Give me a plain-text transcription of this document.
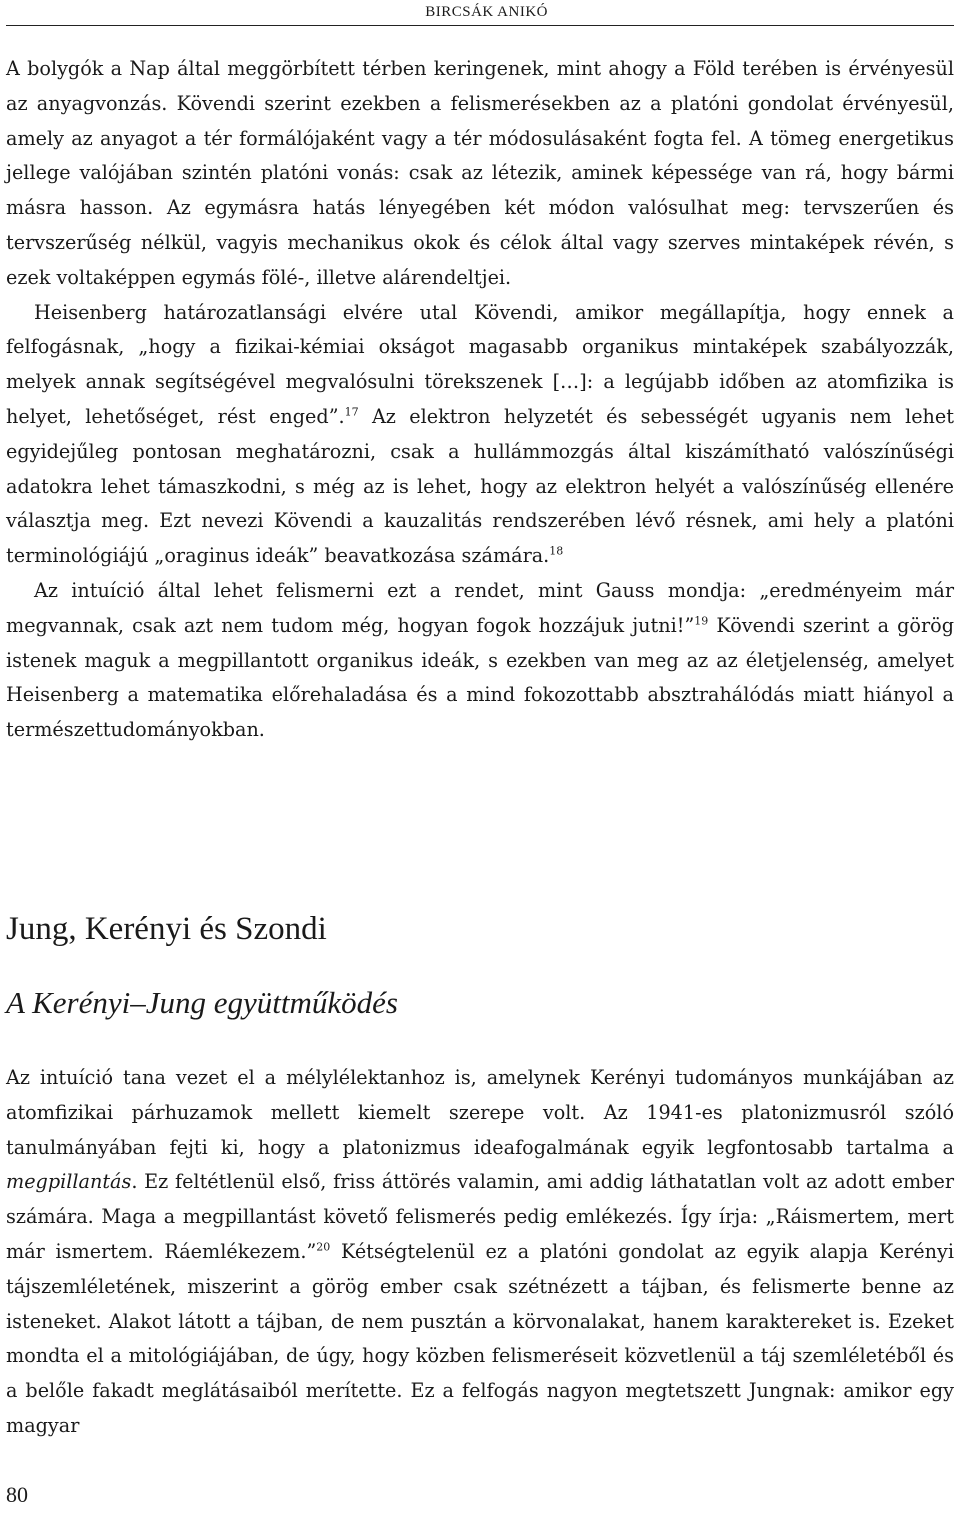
BIRCSÁK ANIKÓ

A bolygók a Nap által meggörbített térben keringenek, mint ahogy a Föld terében is érvényesül az anyagvonzás. Kövendi szerint ezekben a felismerésekben az a platóni gondolat érvényesül, amely az anyagot a tér formálójaként vagy a tér módosulásaként fogta fel. A tömeg energetikus jellege valójában szintén platóni vonás: csak az létezik, aminek képessége van rá, hogy bármi másra hasson. Az egymásra hatás lényegében két módon valósulhat meg: tervszerűen és tervszerűség nélkül, vagyis mechanikus okok és célok által vagy szerves mintaképek révén, s ezek voltaképpen egymás fölé-, illetve alárendeltjei.

Heisenberg határozatlansági elvére utal Kövendi, amikor megállapítja, hogy ennek a felfogásnak, „hogy a fizikai-kémiai okságot magasabb organikus mintaképek szabályozzák, melyek annak segítségével megvalósulni törekszenek […]: a legújabb időben az atomfizika is helyet, lehetőséget, rést enged”.$^{17}$ Az elektron helyzetét és sebességét ugyanis nem lehet egyidejűleg pontosan meghatározni, csak a hullámmozgás által kiszámítható valószínűségi adatokra lehet támaszkodni, s még az is lehet, hogy az elektron helyét a valószínűség ellenére választja meg. Ezt nevezi Kövendi a kauzalitás rendszerében lévő résnek, ami hely a platóni terminológiájú „oraginus ideák” beavatkozása számára.$^{18}$

Az intuíció által lehet felismerni ezt a rendet, mint Gauss mondja: „eredményeim már megvannak, csak azt nem tudom még, hogyan fogok hozzájuk jutni!”$^{19}$ Kövendi szerint a görög istenek maguk a megpillantott organikus ideák, s ezekben van meg az az életjelenség, amelyet Heisenberg a matematika előrehaladása és a mind fokozottabb absztrahálódás miatt hiányol a természettudományokban.

Jung, Kerényi és Szondi
A Kerényi–Jung együttműködés

Az intuíció tana vezet el a mélylélektanhoz is, amelynek Kerényi tudományos munkájában az atomfizikai párhuzamok mellett kiemelt szerepe volt. Az 1941-es platonizmusról szóló tanulmányában fejti ki, hogy a platonizmus ideafogalmának egyik legfontosabb tartalma a megpillantás. Ez feltétlenül első, friss áttörés valamin, ami addig láthatatlan volt az adott ember számára. Maga a megpillantást követő felismerés pedig emlékezés. Így írja: „Ráismertem, mert már ismertem. Ráemlékezem.”$^{20}$ Kétségtelenül ez a platóni gondolat az egyik alapja Kerényi tájszemléletének, miszerint a görög ember csak szétnézett a tájban, és felismerte benne az isteneket. Alakot látott a tájban, de nem pusztán a körvonalakat, hanem karaktereket is. Ezeket mondta el a mitológiájában, de úgy, hogy közben felismeréseit közvetlenül a táj szemléletéből és a belőle fakadt meglátásaiból merítette. Ez a felfogás nagyon megtetszett Jungnak: amikor egy magyar

80
